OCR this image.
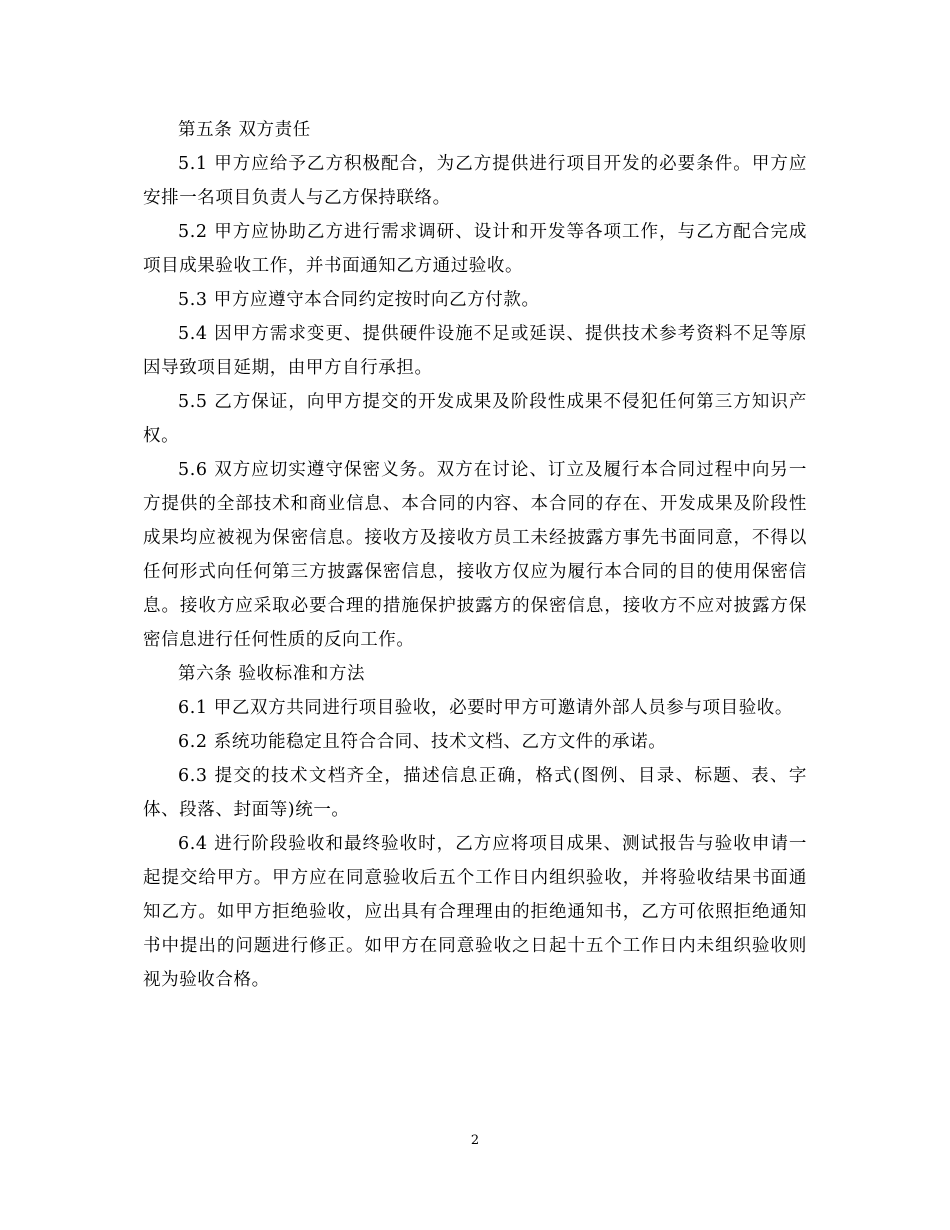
第五条 双方责任

5.1 甲方应给予乙方积极配合，为乙方提供进行项目开发的必要条件。甲方应安排一名项目负责人与乙方保持联络。

5.2 甲方应协助乙方进行需求调研、设计和开发等各项工作，与乙方配合完成项目成果验收工作，并书面通知乙方通过验收。

5.3 甲方应遵守本合同约定按时向乙方付款。

5.4 因甲方需求变更、提供硬件设施不足或延误、提供技术参考资料不足等原因导致项目延期，由甲方自行承担。

5.5 乙方保证，向甲方提交的开发成果及阶段性成果不侵犯任何第三方知识产权。

5.6 双方应切实遵守保密义务。双方在讨论、订立及履行本合同过程中向另一方提供的全部技术和商业信息、本合同的内容、本合同的存在、开发成果及阶段性成果均应被视为保密信息。接收方及接收方员工未经披露方事先书面同意，不得以任何形式向任何第三方披露保密信息，接收方仅应为履行本合同的目的使用保密信息。接收方应采取必要合理的措施保护披露方的保密信息，接收方不应对披露方保密信息进行任何性质的反向工作。

第六条 验收标准和方法

6.1 甲乙双方共同进行项目验收，必要时甲方可邀请外部人员参与项目验收。

6.2 系统功能稳定且符合合同、技术文档、乙方文件的承诺。

6.3 提交的技术文档齐全，描述信息正确，格式(图例、目录、标题、表、字体、段落、封面等)统一。

6.4 进行阶段验收和最终验收时，乙方应将项目成果、测试报告与验收申请一起提交给甲方。甲方应在同意验收后五个工作日内组织验收，并将验收结果书面通知乙方。如甲方拒绝验收，应出具有合理理由的拒绝通知书，乙方可依照拒绝通知书中提出的问题进行修正。如甲方在同意验收之日起十五个工作日内未组织验收则视为验收合格。

2
